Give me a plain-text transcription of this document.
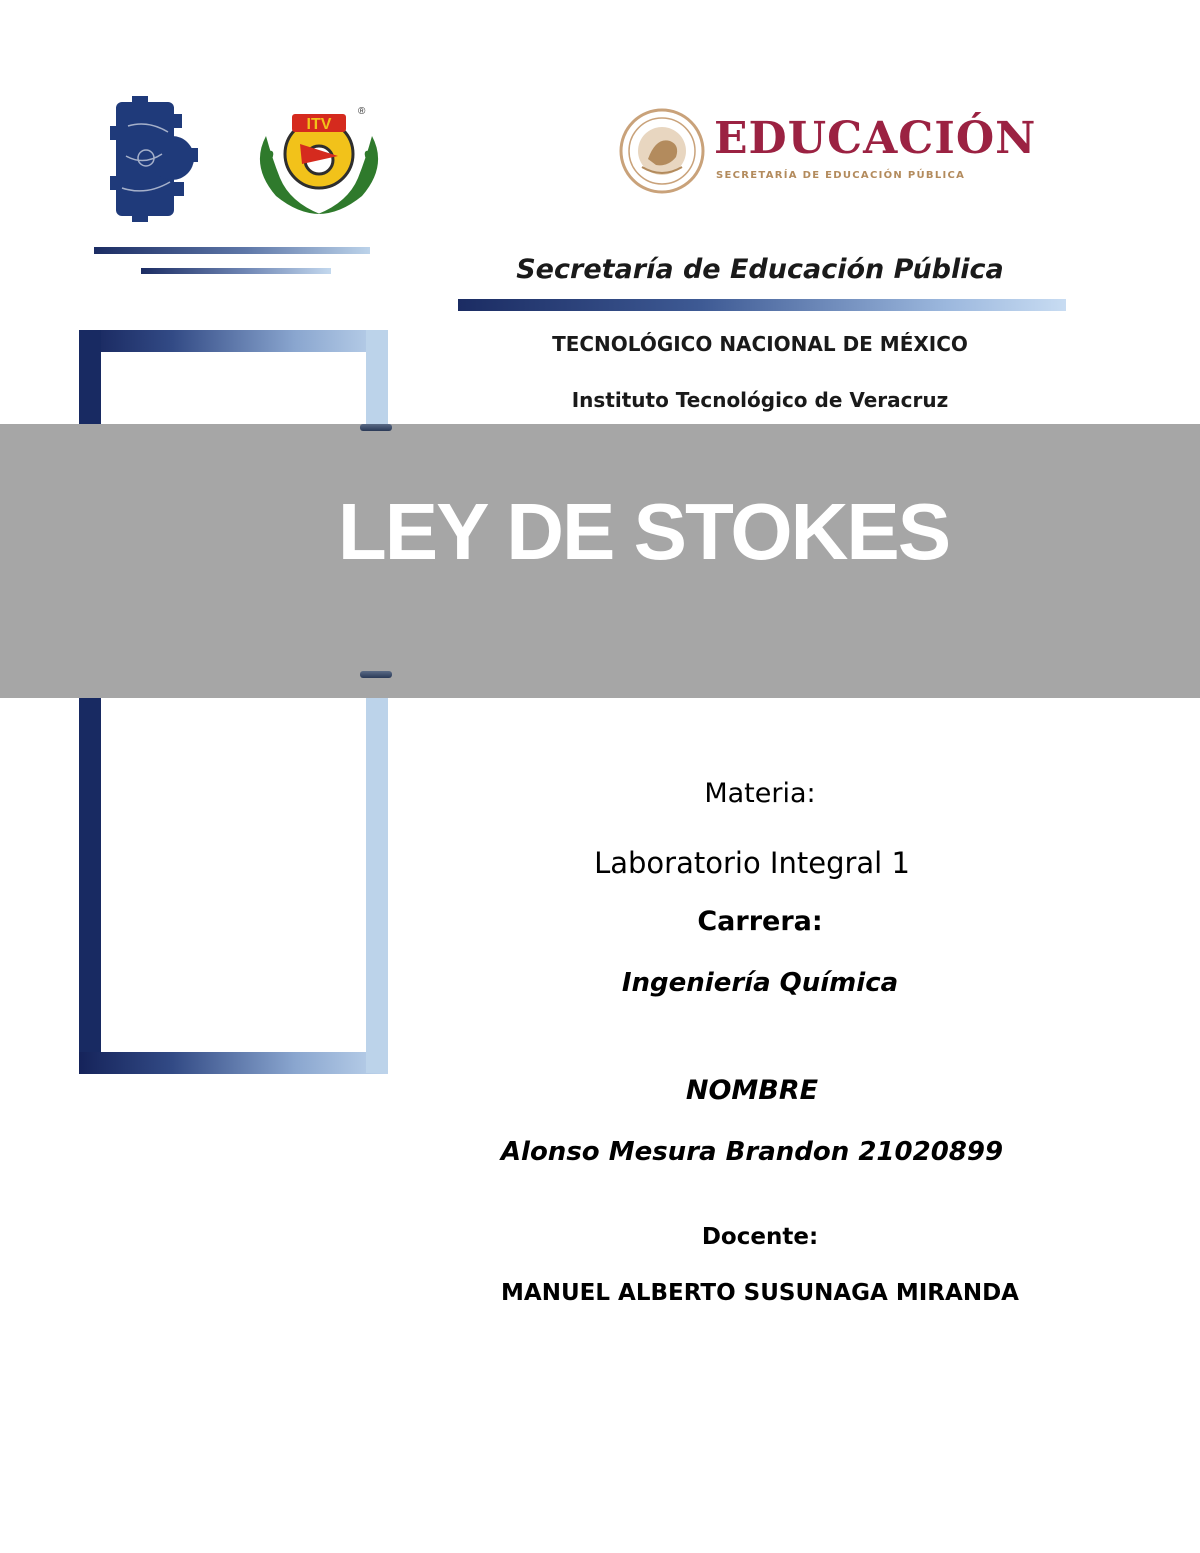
ITV
®
EDUCACIÓN
SECRETARÍA DE EDUCACIÓN PÚBLICA
Secretaría de Educación Pública
TECNOLÓGICO NACIONAL DE MÉXICO
Instituto Tecnológico de Veracruz
LEY DE STOKES
Materia:
Laboratorio Integral 1
Carrera:
Ingeniería Química
NOMBRE
Alonso Mesura Brandon 21020899
Docente:
MANUEL ALBERTO SUSUNAGA MIRANDA
